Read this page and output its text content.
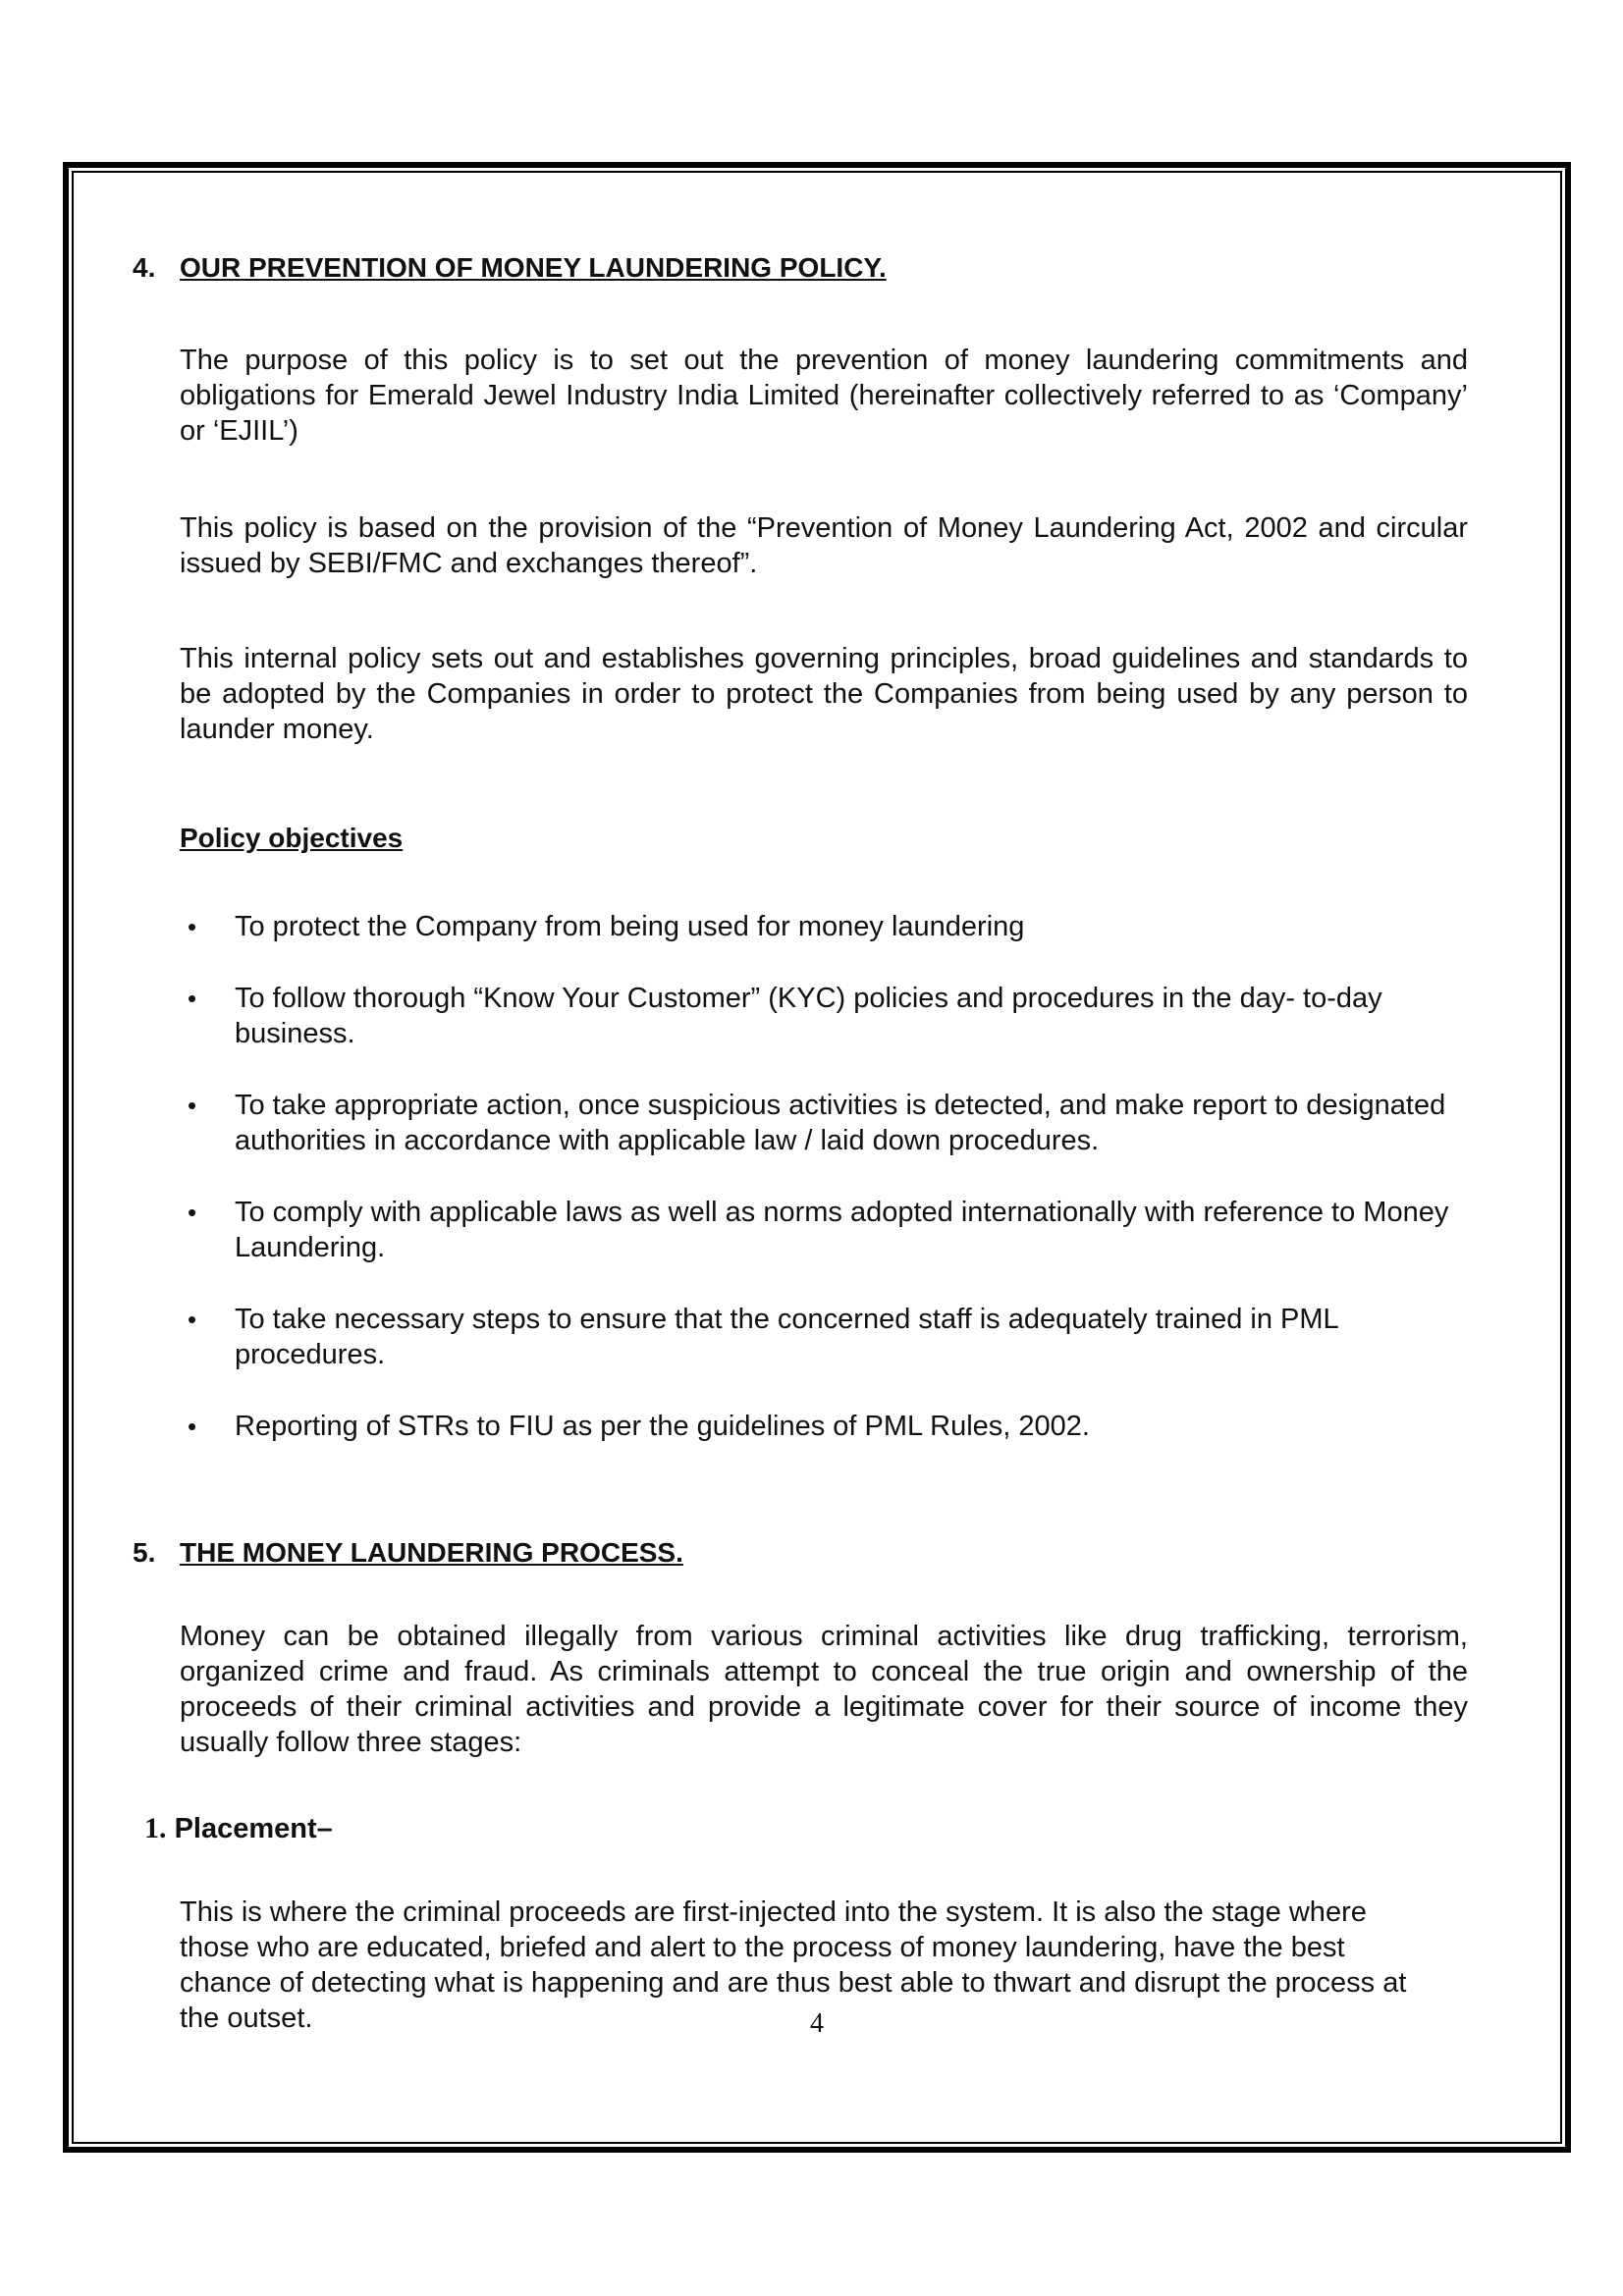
4. OUR PREVENTION OF MONEY LAUNDERING POLICY.

The purpose of this policy is to set out the prevention of money laundering commitments and obligations for Emerald Jewel Industry India Limited (hereinafter collectively referred to as ‘Company’ or ‘EJIIL’)

This policy is based on the provision of the “Prevention of Money Laundering Act, 2002 and circular issued by SEBI/FMC and exchanges thereof”.

This internal policy sets out and establishes governing principles, broad guidelines and standards to be adopted by the Companies in order to protect the Companies from being used by any person to launder money.

Policy objectives
• To protect the Company from being used for money laundering
• To follow thorough “Know Your Customer” (KYC) policies and procedures in the day- to-day business.
• To take appropriate action, once suspicious activities is detected, and make report to designated authorities in accordance with applicable law / laid down procedures.
• To comply with applicable laws as well as norms adopted internationally with reference to Money Laundering.
• To take necessary steps to ensure that the concerned staff is adequately trained in PML procedures.
• Reporting of STRs to FIU as per the guidelines of PML Rules, 2002.
5. THE MONEY LAUNDERING PROCESS.

Money can be obtained illegally from various criminal activities like drug trafficking, terrorism, organized crime and fraud. As criminals attempt to conceal the true origin and ownership of the proceeds of their criminal activities and provide a legitimate cover for their source of income they usually follow three stages:

1. Placement–

This is where the criminal proceeds are first-injected into the system. It is also the stage where those who are educated, briefed and alert to the process of money laundering, have the best chance of detecting what is happening and are thus best able to thwart and disrupt the process at the outset.	4
